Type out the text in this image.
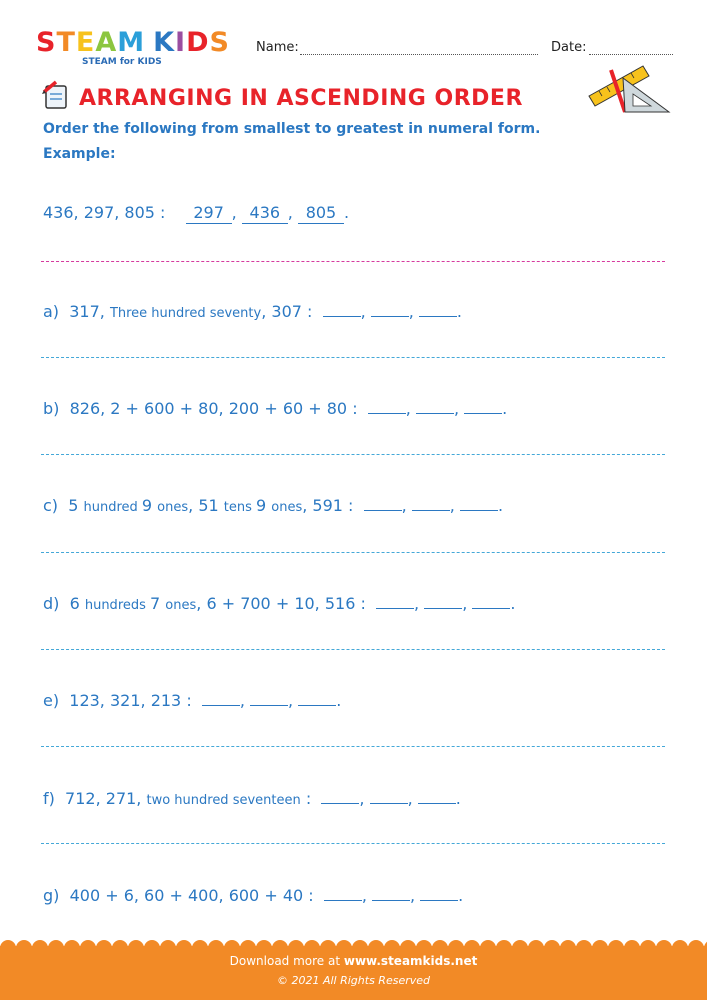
STEAM KIDS
STEAM for KIDS
Name:	Date:
ARRANGING IN ASCENDING ORDER
Order the following from smallest to greatest in numeral form.
Example:
436, 297, 805 : 297 , 436 , 805 .
a) 317, Three hundred seventy, 307 :	, , .
b) 826, 2 + 600 + 80, 200 + 60 + 80 :	, , .
c) 5 hundred 9 ones, 51 tens 9 ones, 591 :	, , .
d) 6 hundreds 7 ones, 6 + 700 + 10, 516 :	, , .
e) 123, 321, 213 :	, , .
f) 712, 271, two hundred seventeen :	, , .
g) 400 + 6, 60 + 400, 600 + 40 :	, , .
Download more at www.steamkids.net
© 2021 All Rights Reserved
